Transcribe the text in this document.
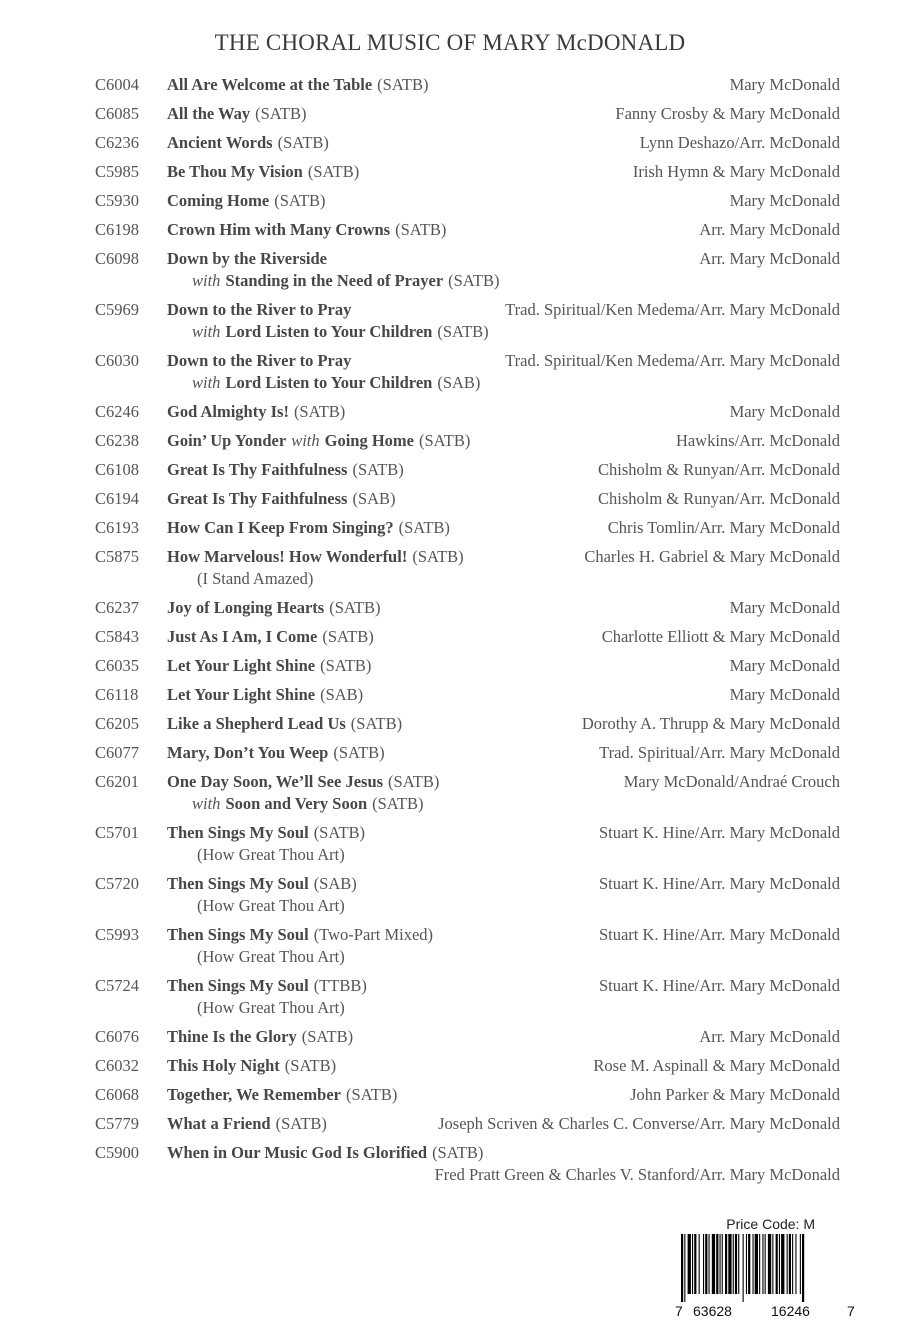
THE CHORAL MUSIC OF MARY McDONALD
C6004	All Are Welcome at the Table (SATB)	Mary McDonald
C6085	All the Way (SATB)	Fanny Crosby & Mary McDonald
C6236	Ancient Words (SATB)	Lynn Deshazo/Arr. McDonald
C5985	Be Thou My Vision (SATB)	Irish Hymn & Mary McDonald
C5930	Coming Home (SATB)	Mary McDonald
C6198	Crown Him with Many Crowns (SATB)	Arr. Mary McDonald
C6098	Down by the Riverside	Arr. Mary McDonald
with Standing in the Need of Prayer (SATB)
C5969	Down to the River to Pray	Trad. Spiritual/Ken Medema/Arr. Mary McDonald
with Lord Listen to Your Children (SATB)
C6030	Down to the River to Pray	Trad. Spiritual/Ken Medema/Arr. Mary McDonald
with Lord Listen to Your Children (SAB)
C6246	God Almighty Is! (SATB)	Mary McDonald
C6238	Goin’ Up Yonder with Going Home (SATB)	Hawkins/Arr. McDonald
C6108	Great Is Thy Faithfulness (SATB)	Chisholm & Runyan/Arr. McDonald
C6194	Great Is Thy Faithfulness (SAB)	Chisholm & Runyan/Arr. McDonald
C6193	How Can I Keep From Singing? (SATB)	Chris Tomlin/Arr. Mary McDonald
C5875	How Marvelous! How Wonderful! (SATB)	Charles H. Gabriel & Mary McDonald
(I Stand Amazed)
C6237	Joy of Longing Hearts (SATB)	Mary McDonald
C5843	Just As I Am, I Come (SATB)	Charlotte Elliott & Mary McDonald
C6035	Let Your Light Shine (SATB)	Mary McDonald
C6118	Let Your Light Shine (SAB)	Mary McDonald
C6205	Like a Shepherd Lead Us (SATB)	Dorothy A. Thrupp & Mary McDonald
C6077	Mary, Don’t You Weep (SATB)	Trad. Spiritual/Arr. Mary McDonald
C6201	One Day Soon, We’ll See Jesus (SATB)	Mary McDonald/Andraé Crouch
with Soon and Very Soon (SATB)
C5701	Then Sings My Soul (SATB)	Stuart K. Hine/Arr. Mary McDonald
(How Great Thou Art)
C5720	Then Sings My Soul (SAB)	Stuart K. Hine/Arr. Mary McDonald
(How Great Thou Art)
C5993	Then Sings My Soul (Two-Part Mixed)	Stuart K. Hine/Arr. Mary McDonald
(How Great Thou Art)
C5724	Then Sings My Soul (TTBB)	Stuart K. Hine/Arr. Mary McDonald
(How Great Thou Art)
C6076	Thine Is the Glory (SATB)	Arr. Mary McDonald
C6032	This Holy Night (SATB)	Rose M. Aspinall & Mary McDonald
C6068	Together, We Remember (SATB)	John Parker & Mary McDonald
C5779	What a Friend (SATB)	Joseph Scriven & Charles C. Converse/Arr. Mary McDonald
C5900	When in Our Music God Is Glorified (SATB)
Fred Pratt Green & Charles V. Stanford/Arr. Mary McDonald
Price Code: M
7 63628	16246	7
